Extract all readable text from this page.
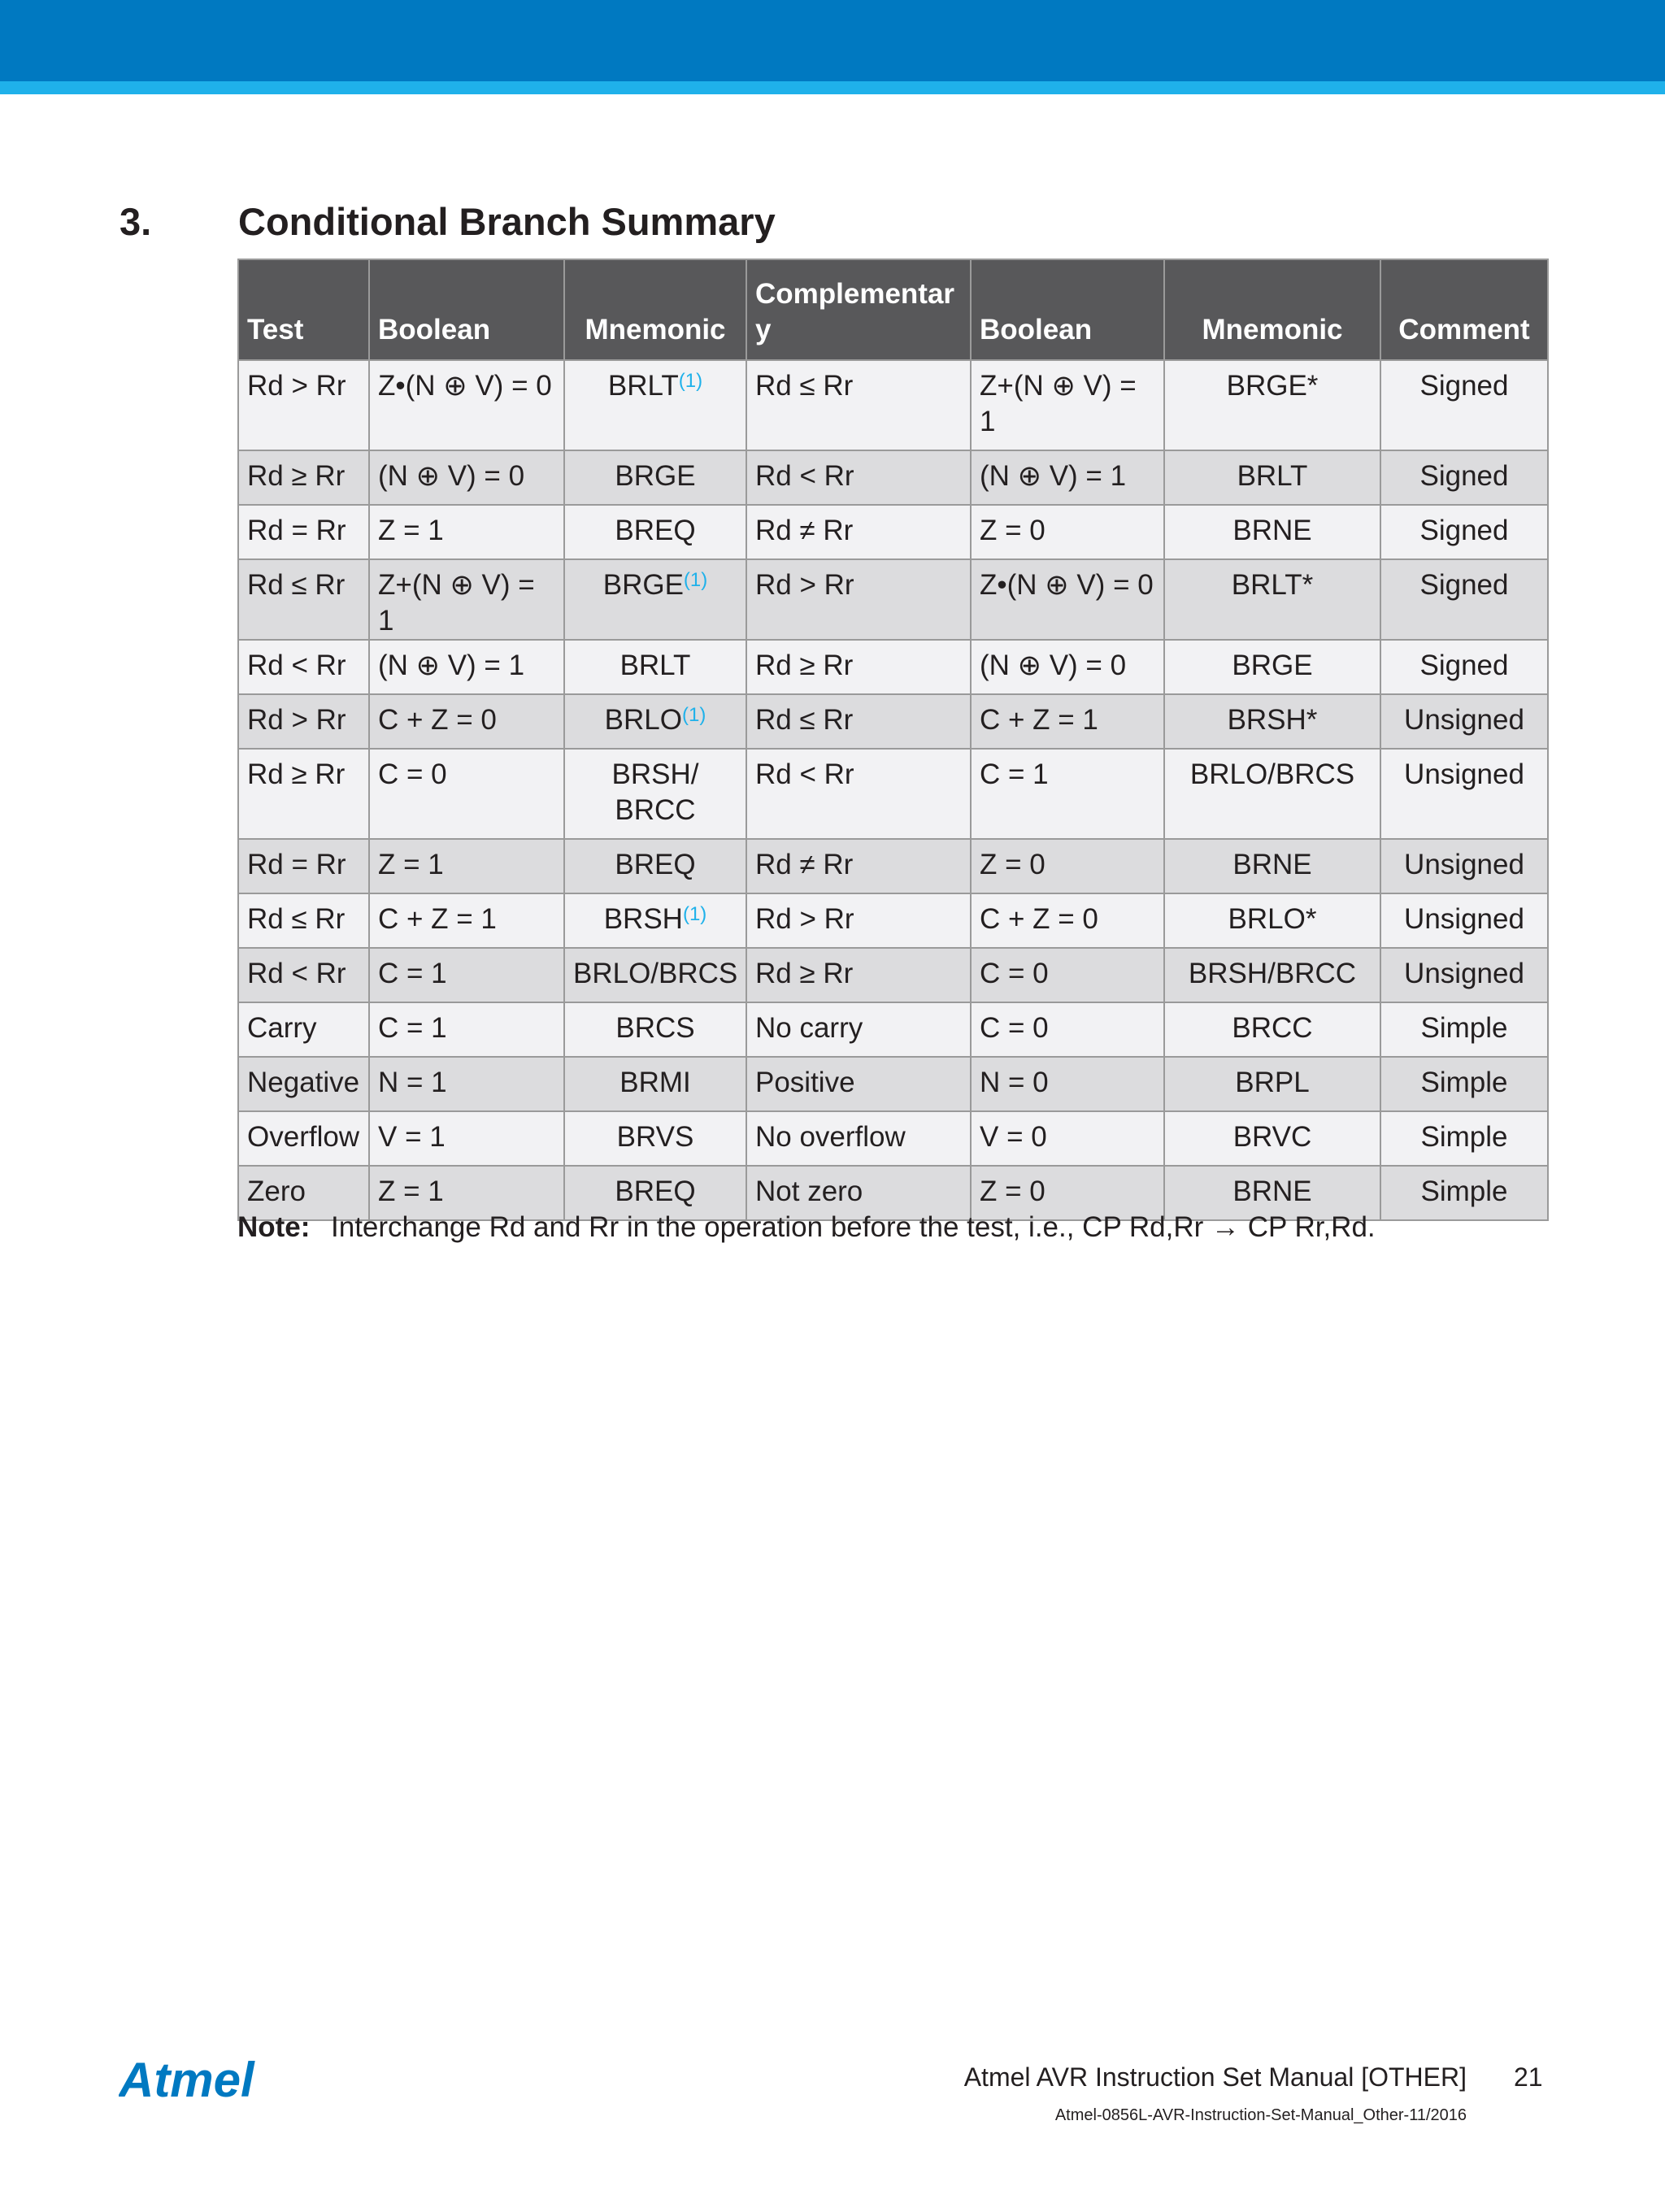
3. Conditional Branch Summary
Test	Boolean	Mnemonic	Complementar y	Boolean	Mnemonic	Comment
Rd > Rr	Z•(N ⊕ V) = 0	BRLT$^{(1)}$	Rd ≤ Rr	Z+(N ⊕ V) = 1	BRGE*	Signed
Rd ≥ Rr	(N ⊕ V) = 0	BRGE	Rd < Rr	(N ⊕ V) = 1	BRLT	Signed
Rd = Rr	Z = 1	BREQ	Rd ≠ Rr	Z = 0	BRNE	Signed
Rd ≤ Rr	Z+(N ⊕ V) = 1	BRGE$^{(1)}$	Rd > Rr	Z•(N ⊕ V) = 0	BRLT*	Signed
Rd < Rr	(N ⊕ V) = 1	BRLT	Rd ≥ Rr	(N ⊕ V) = 0	BRGE	Signed
Rd > Rr	C + Z = 0	BRLO$^{(1)}$	Rd ≤ Rr	C + Z = 1	BRSH*	Unsigned
Rd ≥ Rr	C = 0	BRSH/ BRCC	Rd < Rr	C = 1	BRLO/BRCS	Unsigned
Rd = Rr	Z = 1	BREQ	Rd ≠ Rr	Z = 0	BRNE	Unsigned
Rd ≤ Rr	C + Z = 1	BRSH$^{(1)}$	Rd > Rr	C + Z = 0	BRLO*	Unsigned
Rd < Rr	C = 1	BRLO/BRCS	Rd ≥ Rr	C = 0	BRSH/BRCC	Unsigned
Carry	C = 1	BRCS	No carry	C = 0	BRCC	Simple
Negative	N = 1	BRMI	Positive	N = 0	BRPL	Simple
Overflow	V = 1	BRVS	No overflow	V = 0	BRVC	Simple
Zero	Z = 1	BREQ	Not zero	Z = 0	BRNE	Simple
Note: Interchange Rd and Rr in the operation before the test, i.e., CP Rd,Rr → CP Rr,Rd.
Atmel	Atmel AVR Instruction Set Manual [OTHER] 21
Atmel-0856L-AVR-Instruction-Set-Manual_Other-11/2016
